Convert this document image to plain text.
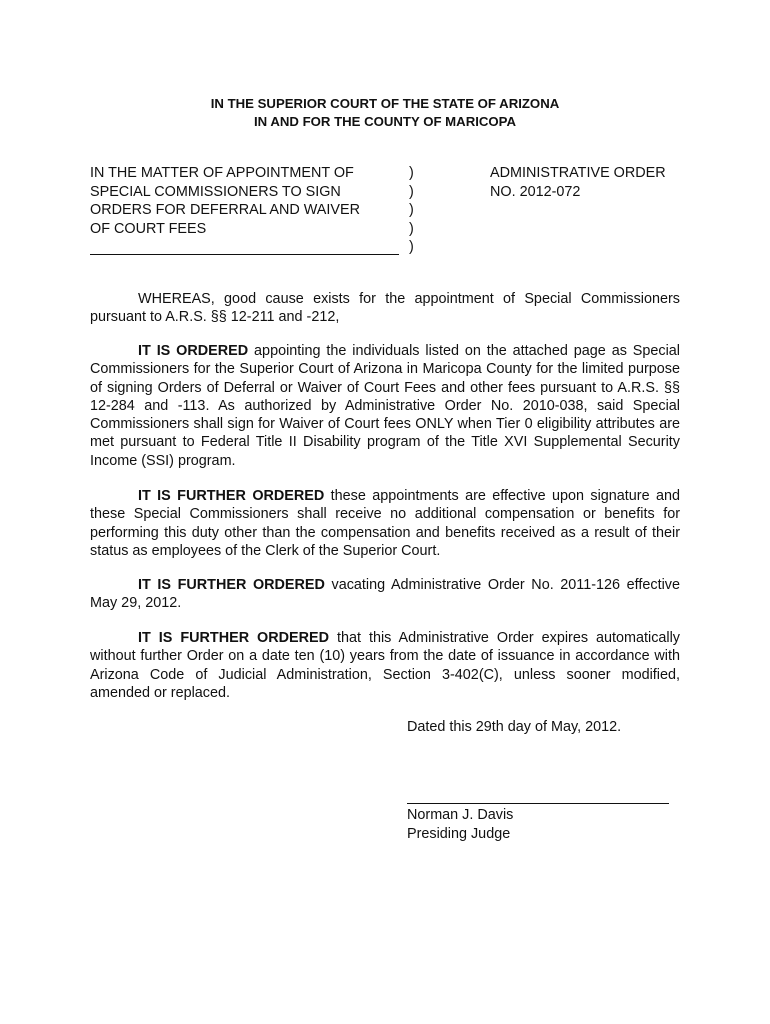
IN THE SUPERIOR COURT OF THE STATE OF ARIZONA
IN AND FOR THE COUNTY OF MARICOPA
IN THE MATTER OF APPOINTMENT OF
SPECIAL COMMISSIONERS TO SIGN
ORDERS FOR DEFERRAL AND WAIVER
OF COURT FEES
)
)
)
)
)
ADMINISTRATIVE ORDER
NO. 2012-072

WHEREAS, good cause exists for the appointment of Special Commissioners pursuant to A.R.S. §§ 12-211 and -212,

IT IS ORDERED appointing the individuals listed on the attached page as Special Commissioners for the Superior Court of Arizona in Maricopa County for the limited purpose of signing Orders of Deferral or Waiver of Court Fees and other fees pursuant to A.R.S. §§ 12-284 and -113. As authorized by Administrative Order No. 2010-038, said Special Commissioners shall sign for Waiver of Court fees ONLY when Tier 0 eligibility attributes are met pursuant to Federal Title II Disability program of the Title XVI Supplemental Security Income (SSI) program.

IT IS FURTHER ORDERED these appointments are effective upon signature and these Special Commissioners shall receive no additional compensation or benefits for performing this duty other than the compensation and benefits received as a result of their status as employees of the Clerk of the Superior Court.

IT IS FURTHER ORDERED vacating Administrative Order No. 2011-126 effective May 29, 2012.

IT IS FURTHER ORDERED that this Administrative Order expires automatically without further Order on a date ten (10) years from the date of issuance in accordance with Arizona Code of Judicial Administration, Section 3-402(C), unless sooner modified, amended or replaced.

Dated this 29th day of May, 2012.
Norman J. Davis
Presiding Judge
